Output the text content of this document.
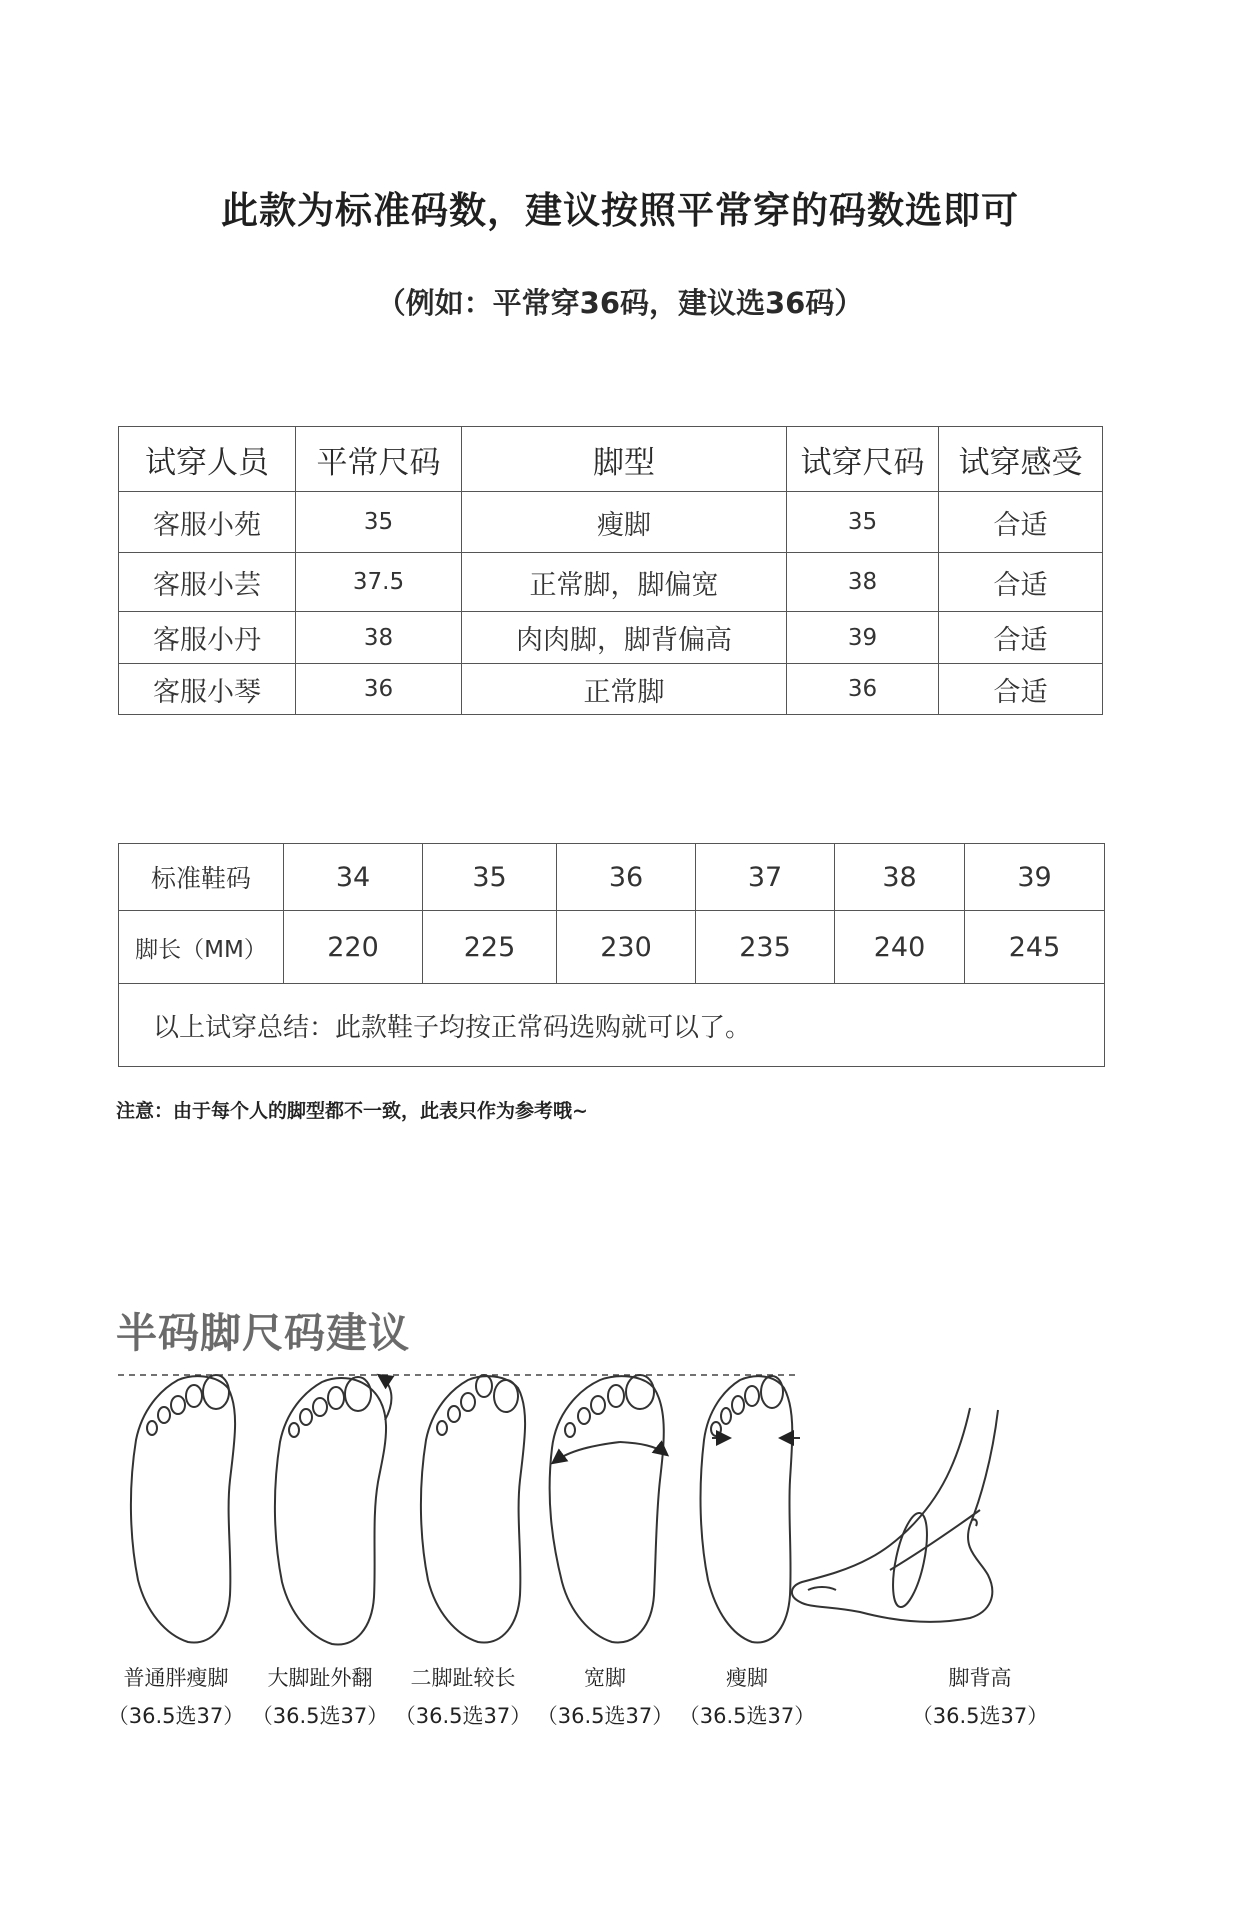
此款为标准码数，建议按照平常穿的码数选即可
（例如：平常穿36码，建议选36码）
试穿人员	平常尺码	脚型	试穿尺码	试穿感受
客服小苑	35	瘦脚	35	合适
客服小芸	37.5	正常脚，脚偏宽	38	合适
客服小丹	38	肉肉脚，脚背偏高	39	合适
客服小琴	36	正常脚	36	合适
标准鞋码	34	35	36	37	38	39
脚长（MM）	220	225	230	235	240	245
以上试穿总结：此款鞋子均按正常码选购就可以了。						
注意：由于每个人的脚型都不一致，此表只作为参考哦~
半码脚尺码建议
普通胖瘦脚	大脚趾外翻	二脚趾较长	宽脚	瘦脚	脚背高
（36.5选37） （36.5选37） （36.5选37） （36.5选37） （36.5选37）	（36.5选37）
